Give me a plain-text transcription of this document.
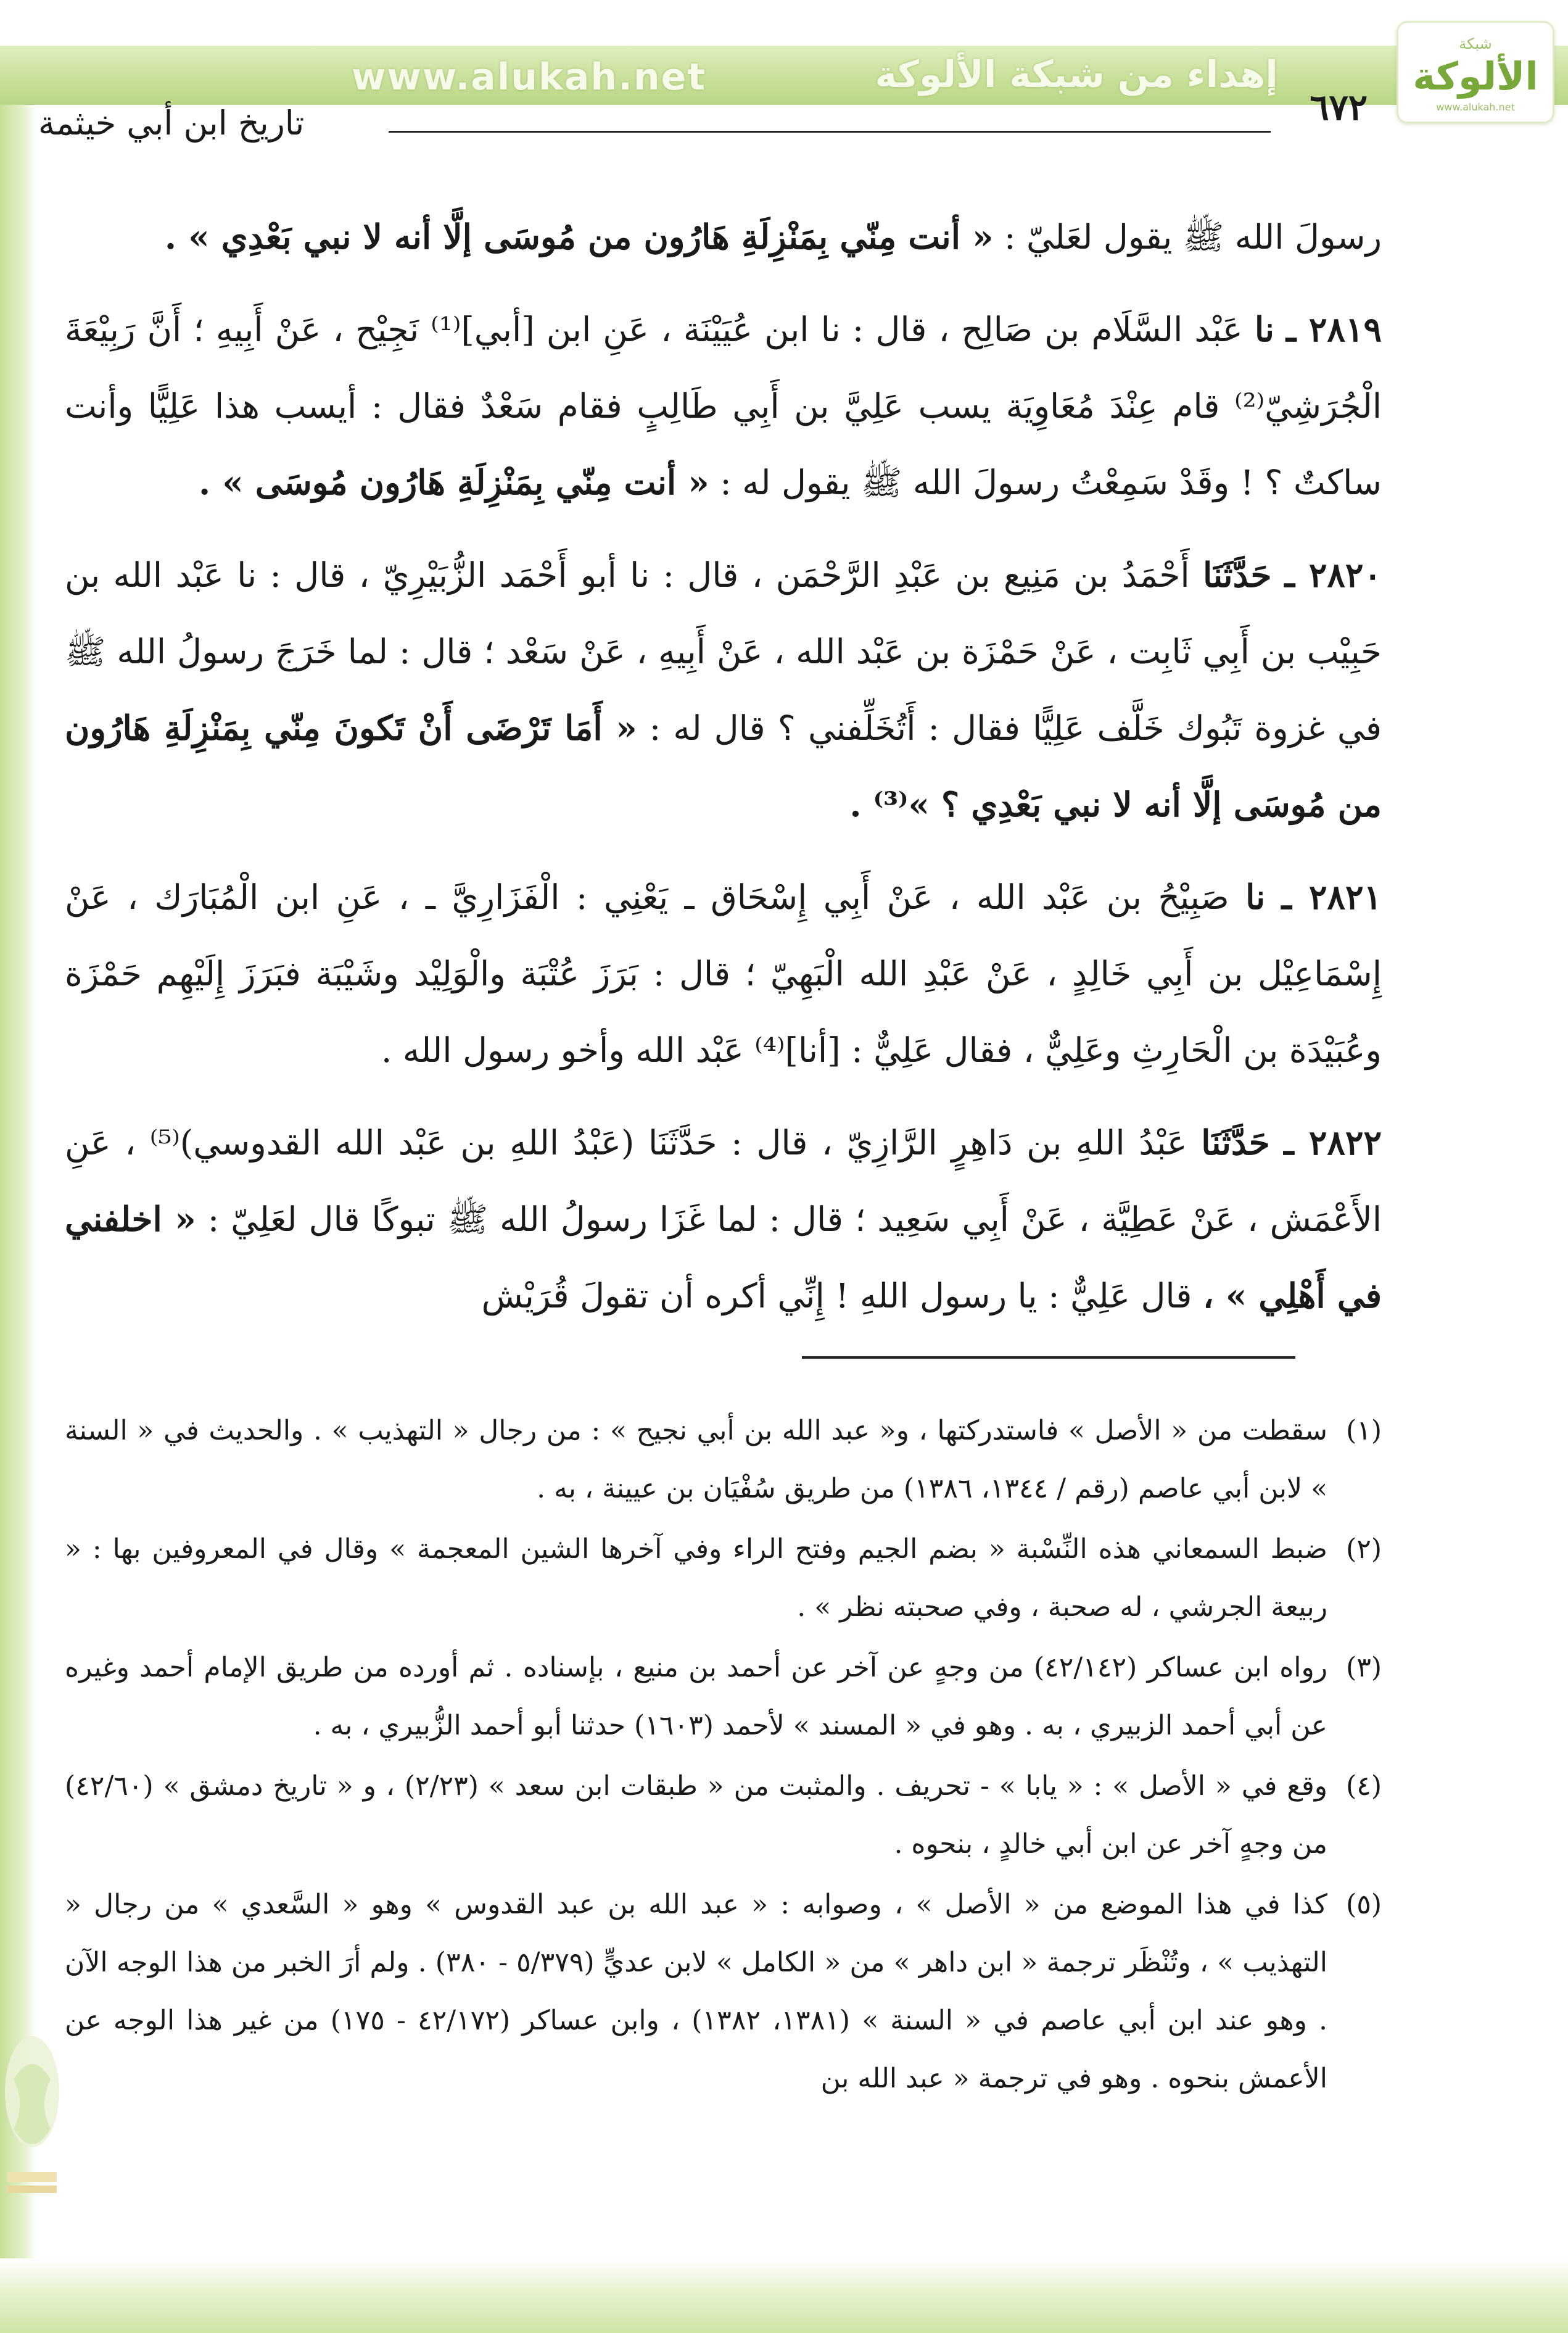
إهداء من شبكة الألوكة
www.alukah.net
شبكة
الألوكة
www.alukah.net
تاريخ ابن أبي خيثمة	٦٧٢

رسولَ الله ﷺ يقول لعَليّ : « أنت مِنّي بِمَنْزِلَةِ هَارُون من مُوسَى إلَّا أنه لا نبي بَعْدِي » .

٢٨١٩ ـ نا عَبْد السَّلَام بن صَالِح ، قال : نا ابن عُيَيْنَة ، عَنِ ابن [أبي]⁽¹⁾ نَجِيْح ، عَنْ أَبِيهِ ؛ أَنَّ رَبِيْعَةَ الْجُرَشِيّ⁽²⁾ قام عِنْدَ مُعَاوِيَة يسب عَلِيَّ بن أَبِي طَالِبٍ فقام سَعْدٌ فقال : أيسب هذا عَلِيًّا وأنت ساكتٌ ؟ ! وقَدْ سَمِعْتُ رسولَ الله ﷺ يقول له : « أنت مِنّي بِمَنْزِلَةِ هَارُون مُوسَى » .

٢٨٢٠ ـ حَدَّثَنَا أَحْمَدُ بن مَنِيع بن عَبْدِ الرَّحْمَن ، قال : نا أبو أَحْمَد الزُّبَيْرِيّ ، قال : نا عَبْد الله بن حَبِيْب بن أَبِي ثَابِت ، عَنْ حَمْزَة بن عَبْد الله ، عَنْ أَبِيهِ ، عَنْ سَعْد ؛ قال : لما خَرَجَ رسولُ الله ﷺ في غزوة تَبُوك خَلَّف عَلِيًّا فقال : أَتُخَلِّفني ؟ قال له : « أَمَا تَرْضَى أَنْ تَكونَ مِنّي بِمَنْزِلَةِ هَارُون من مُوسَى إلَّا أنه لا نبي بَعْدِي ؟ »⁽³⁾ .

٢٨٢١ ـ نا صَبِيْحُ بن عَبْد الله ، عَنْ أَبِي إِسْحَاق ـ يَعْنِي : الْفَزَارِيَّ ـ ، عَنِ ابن الْمُبَارَك ، عَنْ إِسْمَاعِيْل بن أَبِي خَالِدٍ ، عَنْ عَبْدِ الله الْبَهِيّ ؛ قال : بَرَزَ عُتْبَة والْوَلِيْد وشَيْبَة فبَرَزَ إِلَيْهِم حَمْزَة وعُبَيْدَة بن الْحَارِثِ وعَلِيٌّ ، فقال عَلِيٌّ : [أنا]⁽⁴⁾ عَبْد الله وأخو رسول الله .

٢٨٢٢ ـ حَدَّثَنَا عَبْدُ اللهِ بن دَاهِرٍ الرَّازِيّ ، قال : حَدَّثَنَا (عَبْدُ اللهِ بن عَبْد الله القدوسي)⁽⁵⁾ ، عَنِ الأَعْمَش ، عَنْ عَطِيَّة ، عَنْ أَبِي سَعِيد ؛ قال : لما غَزَا رسولُ الله ﷺ تبوكًا قال لعَلِيّ : « اخلفني في أَهْلِي » ، قال عَلِيٌّ : يا رسول اللهِ ! إِنِّي أكره أن تقولَ قُرَيْش

(١)سقطت من « الأصل » فاستدركتها ، و« عبد الله بن أبي نجيح » : من رجال « التهذيب » . والحديث في « السنة » لابن أبي عاصم (رقم / ١٣٤٤، ١٣٨٦) من طريق سُفْيَان بن عيينة ، به .

(٢)ضبط السمعاني هذه النِّسْبة « بضم الجيم وفتح الراء وفي آخرها الشين المعجمة » وقال في المعروفين بها : « ربيعة الجرشي ، له صحبة ، وفي صحبته نظر » .

(٣)رواه ابن عساكر (٤٢/١٤٢) من وجهٍ عن آخر عن أحمد بن منيع ، بإسناده . ثم أورده من طريق الإمام أحمد وغيره عن أبي أحمد الزبيري ، به . وهو في « المسند » لأحمد (١٦٠٣) حدثنا أبو أحمد الزُّبيري ، به .

(٤)وقع في « الأصل » : « يابا » - تحريف . والمثبت من « طبقات ابن سعد » (٢/٢٣) ، و « تاريخ دمشق » (٤٢/٦٠) من وجهٍ آخر عن ابن أبي خالدٍ ، بنحوه .

(٥)كذا في هذا الموضع من « الأصل » ، وصوابه : « عبد الله بن عبد القدوس » وهو « السَّعدي » من رجال « التهذيب » ، وتُنْظَر ترجمة « ابن داهر » من « الكامل » لابن عديٍّ (٥/٣٧٩ - ٣٨٠) . ولم أرَ الخبر من هذا الوجه الآن . وهو عند ابن أبي عاصم في « السنة » (١٣٨١، ١٣٨٢) ، وابن عساكر (٤٢/١٧٢ - ١٧٥) من غير هذا الوجه عن الأعمش بنحوه . وهو في ترجمة « عبد الله بن
